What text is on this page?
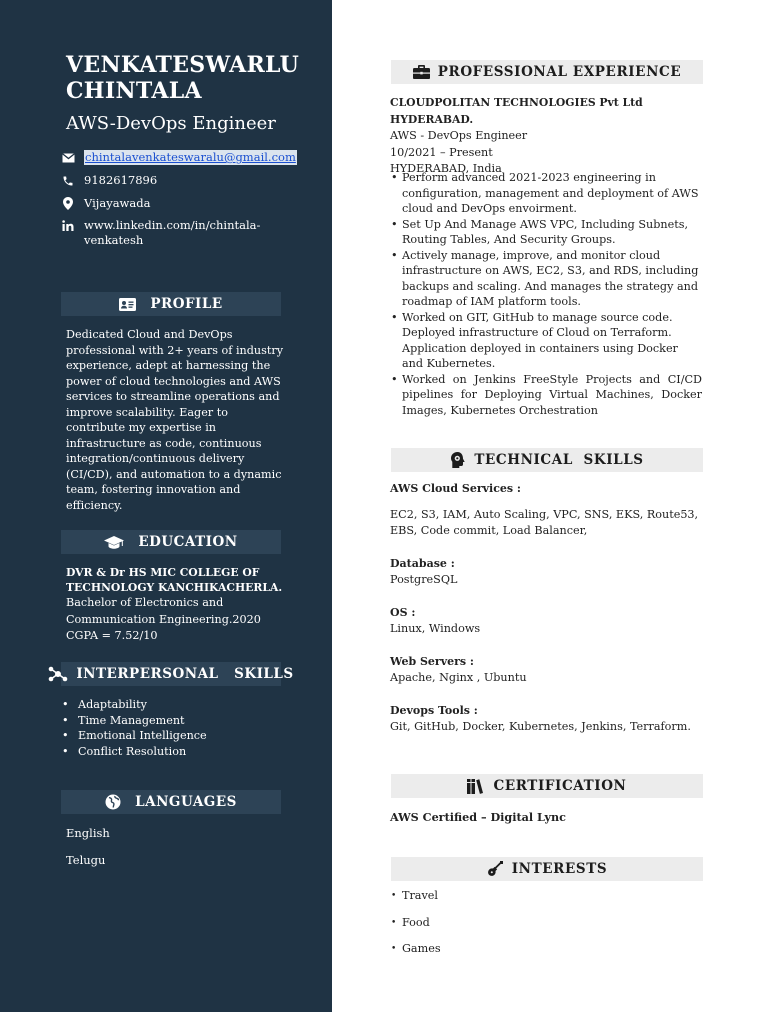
VENKATESWARLU CHINTALA
AWS-DevOps Engineer
chintalavenkateswaralu@gmail.com
9182617896
Vijayawada
www.linkedin.com/in/chintala-venkatesh
PROFILE
Dedicated Cloud and DevOps professional with 2+ years of industry experience, adept at harnessing the power of cloud technologies and AWS services to streamline operations and improve scalability. Eager to contribute my expertise in infrastructure as code, continuous integration/continuous delivery (CI/CD), and automation to a dynamic team, fostering innovation and efficiency.
EDUCATION
DVR & Dr HS MIC COLLEGE OF TECHNOLOGY KANCHIKACHERLA.
Bachelor of Electronics and Communication Engineering.2020
CGPA = 7.52/10
INTERPERSONAL   SKILLS
• Adaptability
• Time Management
• Emotional Intelligence
• Conflict Resolution
LANGUAGES
English
Telugu
PROFESSIONAL EXPERIENCE
CLOUDPOLITAN TECHNOLOGIES Pvt Ltd HYDERABAD.
AWS - DevOps Engineer
10/2021 – Present
HYDERABAD, India
• Perform advanced 2021-2023 engineering in configuration, management and deployment of AWS cloud and DevOps envoirment.
• Set Up And Manage AWS VPC, Including Subnets, Routing Tables, And Security Groups.
• Actively manage, improve, and monitor cloud infrastructure on AWS, EC2, S3, and RDS, including backups and scaling. And manages the strategy and roadmap of IAM platform tools.
• Worked on GIT, GitHub to manage source code. Deployed infrastructure of Cloud on Terraform. Application deployed in containers using Docker and Kubernetes.
• Worked on Jenkins FreeStyle Projects and CI/CD pipelines for Deploying Virtual Machines, Docker Images, Kubernetes Orchestration
TECHNICAL  SKILLS
AWS Cloud Services :
EC2, S3, IAM, Auto Scaling, VPC, SNS, EKS, Route53, EBS, Code commit, Load Balancer,
Database :
PostgreSQL
OS :
Linux, Windows
Web Servers :
Apache, Nginx , Ubuntu
Devops Tools :
Git, GitHub, Docker, Kubernetes, Jenkins, Terraform.
CERTIFICATION
AWS Certified – Digital Lync
INTERESTS
• Travel
• Food
• Games
